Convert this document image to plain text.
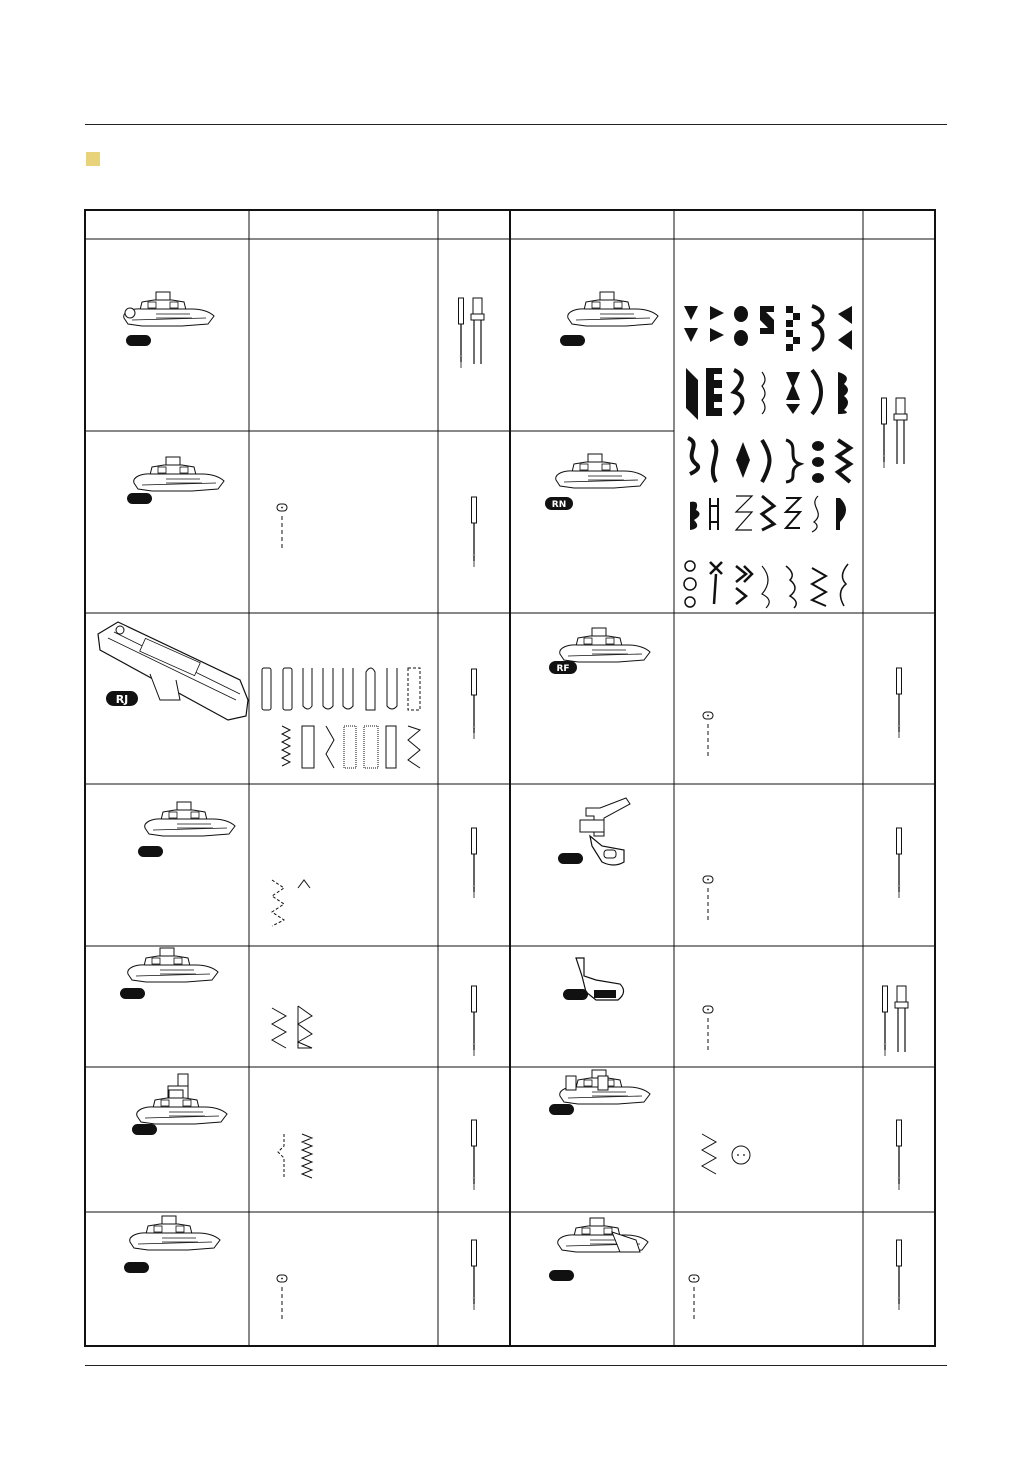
RJ
RN
RF
